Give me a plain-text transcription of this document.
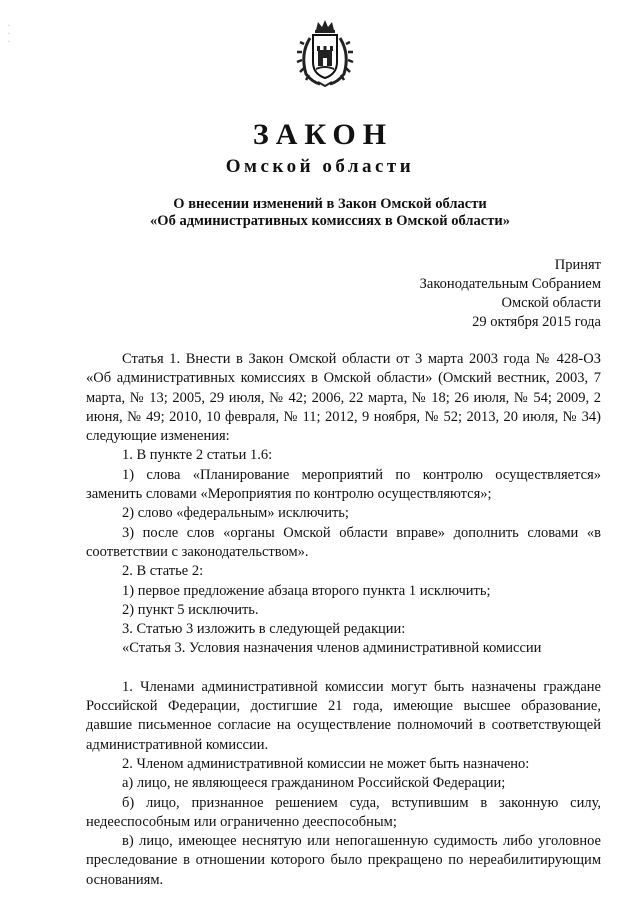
·
·
·
ЗАКОН
Омской области
О внесении изменений в Закон Омской области
«Об административных комиссиях в Омской области»
Принят
Законодательным Собранием
Омской области
29 октября 2015 года

Статья 1. Внести в Закон Омской области от 3 марта 2003 года № 428-ОЗ «Об административных комиссиях в Омской области» (Омский вестник, 2003, 7 марта, № 13; 2005, 29 июля, № 42; 2006, 22 марта, № 18; 26 июля, № 54; 2009, 2 июня, № 49; 2010, 10 февраля, № 11; 2012, 9 ноября, № 52; 2013, 20 июля, № 34) следующие изменения:

1. В пункте 2 статьи 1.6:

1) слова «Планирование мероприятий по контролю осуществляется» заменить словами «Мероприятия по контролю осуществляются»;

2) слово «федеральным» исключить;

3) после слов «органы Омской области вправе» дополнить словами «в соответствии с законодательством».

2. В статье 2:

1) первое предложение абзаца второго пункта 1 исключить;

2) пункт 5 исключить.

3. Статью 3 изложить в следующей редакции:

«Статья 3. Условия назначения членов административной комиссии

1. Членами административной комиссии могут быть назначены граждане Российской Федерации, достигшие 21 года, имеющие высшее образование, давшие письменное согласие на осуществление полномочий в соответствующей административной комиссии.

2. Членом административной комиссии не может быть назначено:

а) лицо, не являющееся гражданином Российской Федерации;

б) лицо, признанное решением суда, вступившим в законную силу, недееспособным или ограниченно дееспособным;

в) лицо, имеющее неснятую или непогашенную судимость либо уголовное преследование в отношении которого было прекращено по нереабилитирующим основаниям.
